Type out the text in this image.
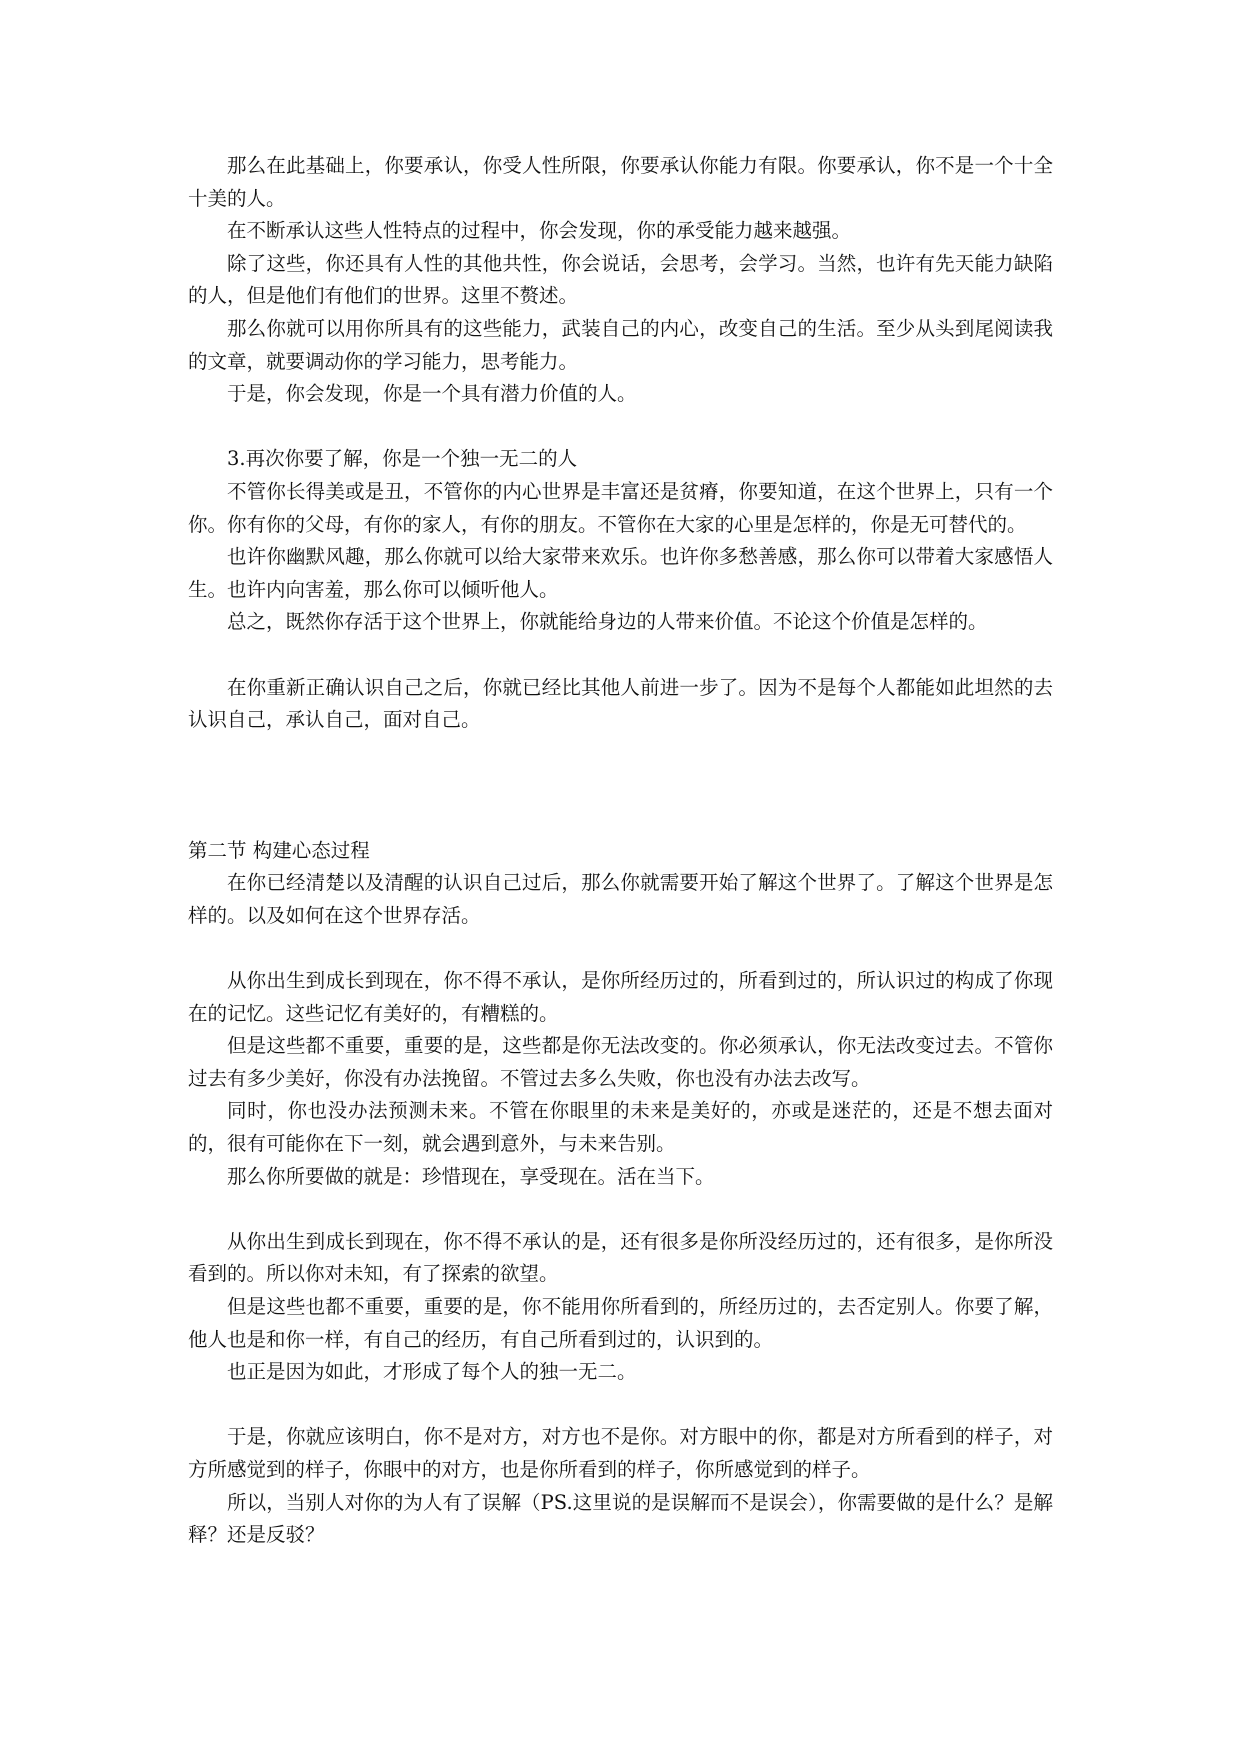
那么在此基础上，你要承认，你受人性所限，你要承认你能力有限。你要承认，你不是一个十全十美的人。

在不断承认这些人性特点的过程中，你会发现，你的承受能力越来越强。

除了这些，你还具有人性的其他共性，你会说话，会思考，会学习。当然，也许有先天能力缺陷的人，但是他们有他们的世界。这里不赘述。

那么你就可以用你所具有的这些能力，武装自己的内心，改变自己的生活。至少从头到尾阅读我的文章，就要调动你的学习能力，思考能力。

于是，你会发现，你是一个具有潜力价值的人。

3.再次你要了解，你是一个独一无二的人

不管你长得美或是丑，不管你的内心世界是丰富还是贫瘠，你要知道，在这个世界上，只有一个你。你有你的父母，有你的家人，有你的朋友。不管你在大家的心里是怎样的，你是无可替代的。

也许你幽默风趣，那么你就可以给大家带来欢乐。也许你多愁善感，那么你可以带着大家感悟人生。也许内向害羞，那么你可以倾听他人。

总之，既然你存活于这个世界上，你就能给身边的人带来价值。不论这个价值是怎样的。

在你重新正确认识自己之后，你就已经比其他人前进一步了。因为不是每个人都能如此坦然的去认识自己，承认自己，面对自己。

第二节 构建心态过程

在你已经清楚以及清醒的认识自己过后，那么你就需要开始了解这个世界了。了解这个世界是怎样的。以及如何在这个世界存活。

从你出生到成长到现在，你不得不承认，是你所经历过的，所看到过的，所认识过的构成了你现在的记忆。这些记忆有美好的，有糟糕的。

但是这些都不重要，重要的是，这些都是你无法改变的。你必须承认，你无法改变过去。不管你过去有多少美好，你没有办法挽留。不管过去多么失败，你也没有办法去改写。

同时，你也没办法预测未来。不管在你眼里的未来是美好的，亦或是迷茫的，还是不想去面对的，很有可能你在下一刻，就会遇到意外，与未来告别。

那么你所要做的就是：珍惜现在，享受现在。活在当下。

从你出生到成长到现在，你不得不承认的是，还有很多是你所没经历过的，还有很多，是你所没看到的。所以你对未知，有了探索的欲望。

但是这些也都不重要，重要的是，你不能用你所看到的，所经历过的，去否定别人。你要了解，他人也是和你一样，有自己的经历，有自己所看到过的，认识到的。

也正是因为如此，才形成了每个人的独一无二。

于是，你就应该明白，你不是对方，对方也不是你。对方眼中的你，都是对方所看到的样子，对方所感觉到的样子，你眼中的对方，也是你所看到的样子，你所感觉到的样子。

所以，当别人对你的为人有了误解（PS.这里说的是误解而不是误会），你需要做的是什么？是解释？还是反驳？
